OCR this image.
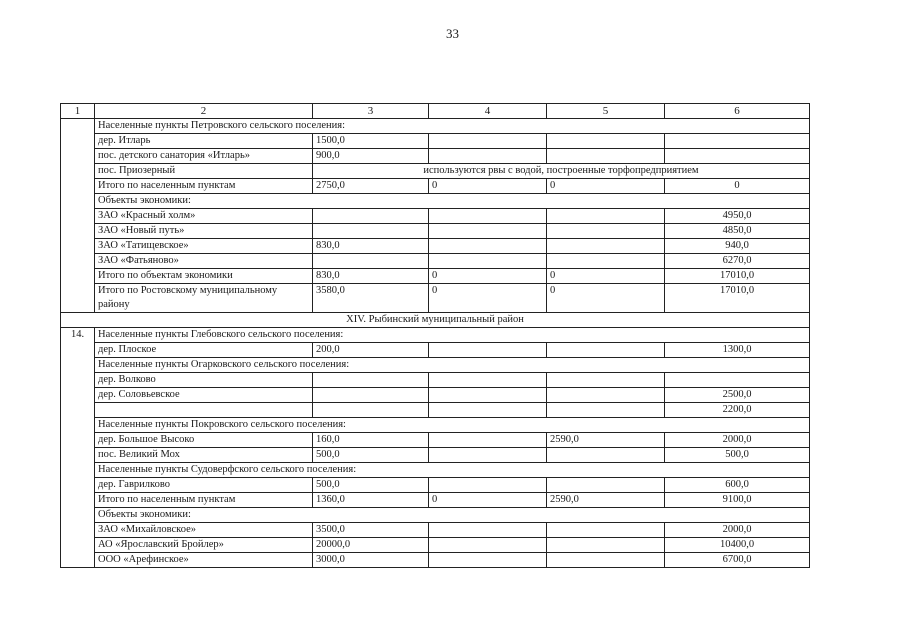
33
1	2	3	4	5	6
	Населенные пункты Петровского сельского поселения:				
	дер. Итларь	1500,0			
	пос. детского санатория «Итларь»	900,0			
	пос. Приозерный	используются рвы с водой, построенные торфопредприятием			
	Итого по населенным пунктам	2750,0	0	0	0
	Объекты экономики:				
	ЗАО «Красный холм»				4950,0
	ЗАО «Новый путь»				4850,0
	ЗАО «Татищевское»	830,0			940,0
	ЗАО «Фатьяново»				6270,0
	Итого по объектам экономики	830,0	0	0	17010,0
	Итого по Ростовскому муниципальному району	3580,0	0	0	17010,0
XIV. Рыбинский муниципальный район					
14.	Населенные пункты Глебовского сельского поселения:				
	дер. Плоское	200,0			1300,0
	Населенные пункты Огарковского сельского поселения:				
	дер. Волково				
	дер. Соловьевское				2500,0
					2200,0
	Населенные пункты Покровского сельского поселения:				
	дер. Большое Высоко	160,0		2590,0	2000,0
	пос. Великий Мох	500,0			500,0
	Населенные пункты Судоверфского сельского поселения:				
	дер. Гаврилково	500,0			600,0
	Итого по населенным пунктам	1360,0	0	2590,0	9100,0
	Объекты экономики:				
	ЗАО «Михайловское»	3500,0			2000,0
	АО «Ярославский Бройлер»	20000,0			10400,0
	ООО «Арефинское»	3000,0			6700,0
